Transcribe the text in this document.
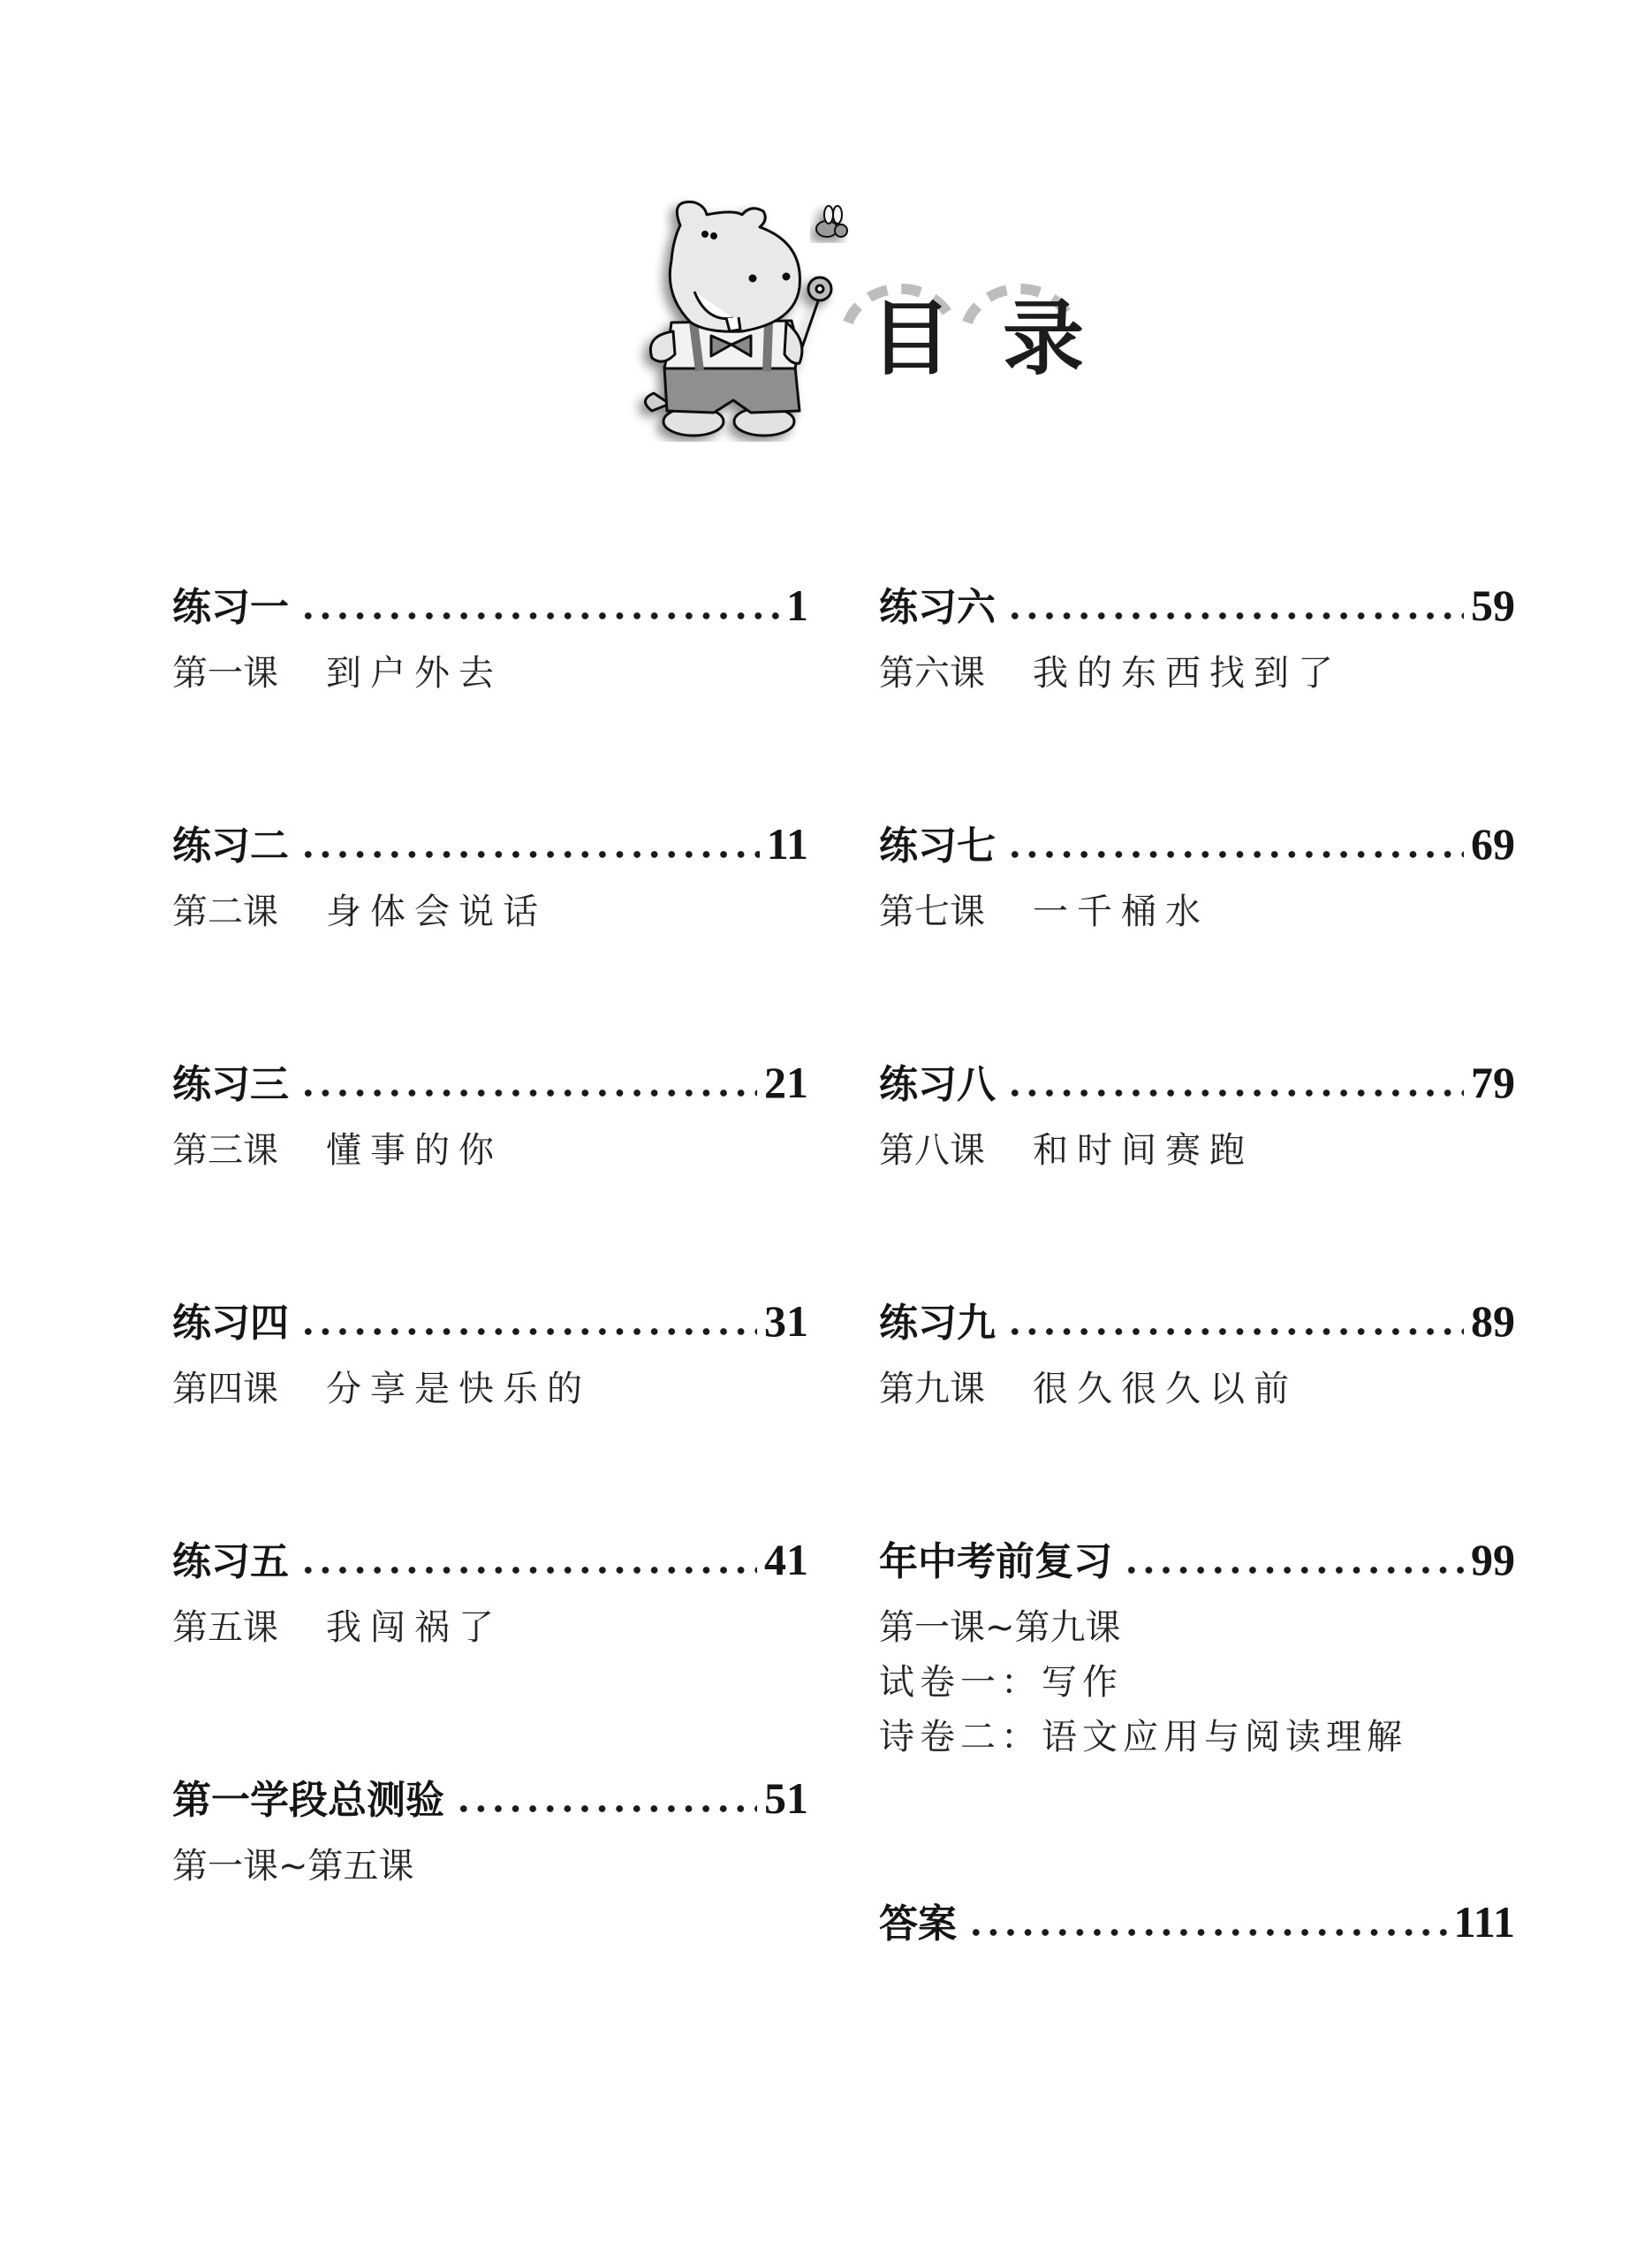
目录
练习一	1
第一课 到户外去
练习二	11
第二课 身体会说话
练习三	21
第三课 懂事的你
练习四	31
第四课 分享是快乐的
练习五	41
第五课 我闯祸了
第一学段总测验	51
第一课~第五课
练习六	59
第六课 我的东西找到了
练习七	69
第七课 一千桶水
练习八	79
第八课 和时间赛跑
练习九	89
第九课 很久很久以前
年中考前复习	99
第一课~第九课
试卷一：写作
诗卷二：语文应用与阅读理解
答案	111
